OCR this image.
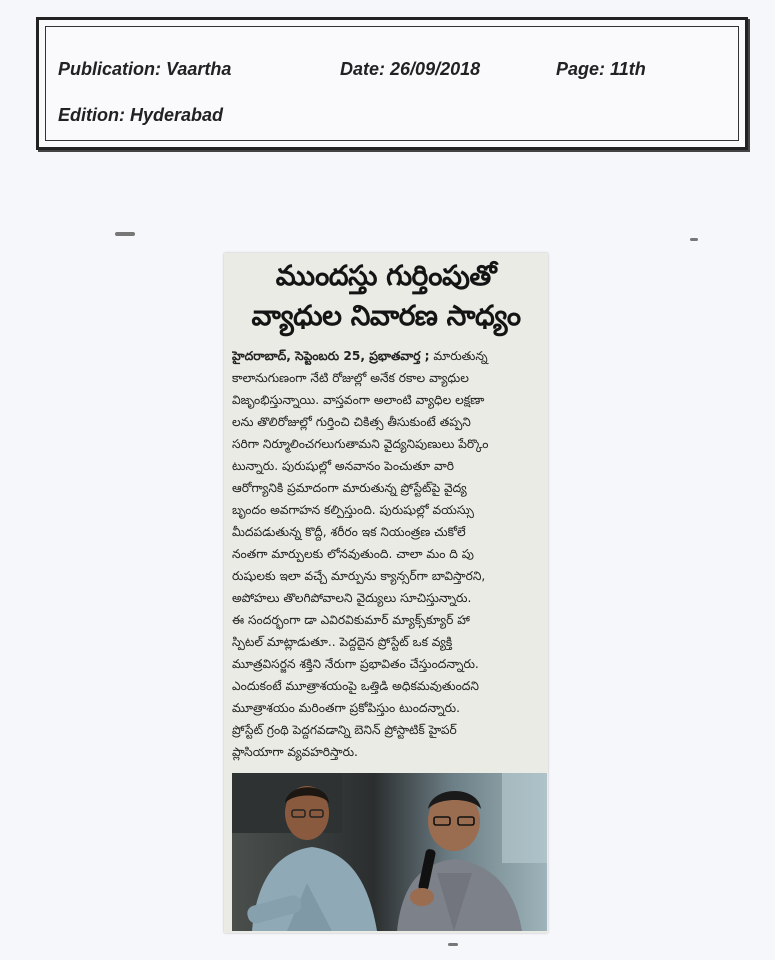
Publication: Vaartha	Date: 26/09/2018	Page: 11th
Edition: Hyderabad
ముందస్తు గుర్తింపుతో
వ్యాధుల నివారణ సాధ్యం
హైదరాబాద్, సెప్టెంబరు 25, ప్రభాతవార్త ; మారుతున్న
కాలానుగుణంగా నేటి రోజుల్లో అనేక రకాల వ్యాధుల
విజృంభిస్తున్నాయి. వాస్తవంగా అలాంటి వ్యాధిల లక్షణా
లను తొలిరోజుల్లో గుర్తించి చికిత్స తీసుకుంటే తప్పని
సరిగా నిర్మూలించగలుగుతామని వైద్యనిపుణులు పేర్కొం
టున్నారు. పురుషుల్లో అనవానం పెంచుతూ వారి
ఆరోగ్యానికి ప్రమాదంగా మారుతున్న ప్రోస్టేట్‌పై వైద్య
బృందం అవగాహన కల్పిస్తుంది. పురుషుల్లో వయస్సు
మీదపడుతున్న కొద్దీ, శరీరం ఇక నియంత్రణ చుకోలే
నంతగా మార్పులకు లోనవుతుంది. చాలా మం ది పు
రుషులకు ఇలా వచ్చే మార్పును క్యాన్సర్‌గా బావిస్తారని,
అపోహలు తొలగిపోవాలని వైద్యులు సూచిస్తున్నారు.
ఈ సందర్భంగా డా ఎవిరవికుమార్ మ్యాక్స్‌క్యూర్ హా
స్పిటల్ మాట్లాడుతూ.. పెద్దదైన ప్రోస్టేట్ ఒక వ్యక్తి
మూత్రవిసర్జన శక్తిని నేరుగా ప్రభావితం చేస్తుందన్నారు.
ఎందుకంటే మూత్రాశయంపై ఒత్తిడి అధికమవుతుందని
మూత్రాశయం మరింతగా ప్రకోపిస్తుం టుందన్నారు.
ప్రోస్టేట్ గ్రంథి పెద్దగవడాన్ని బెనిన్ ప్రోస్టాటిక్ హైపర్
ప్లాసియాగా వ్యవహరిస్తారు.
